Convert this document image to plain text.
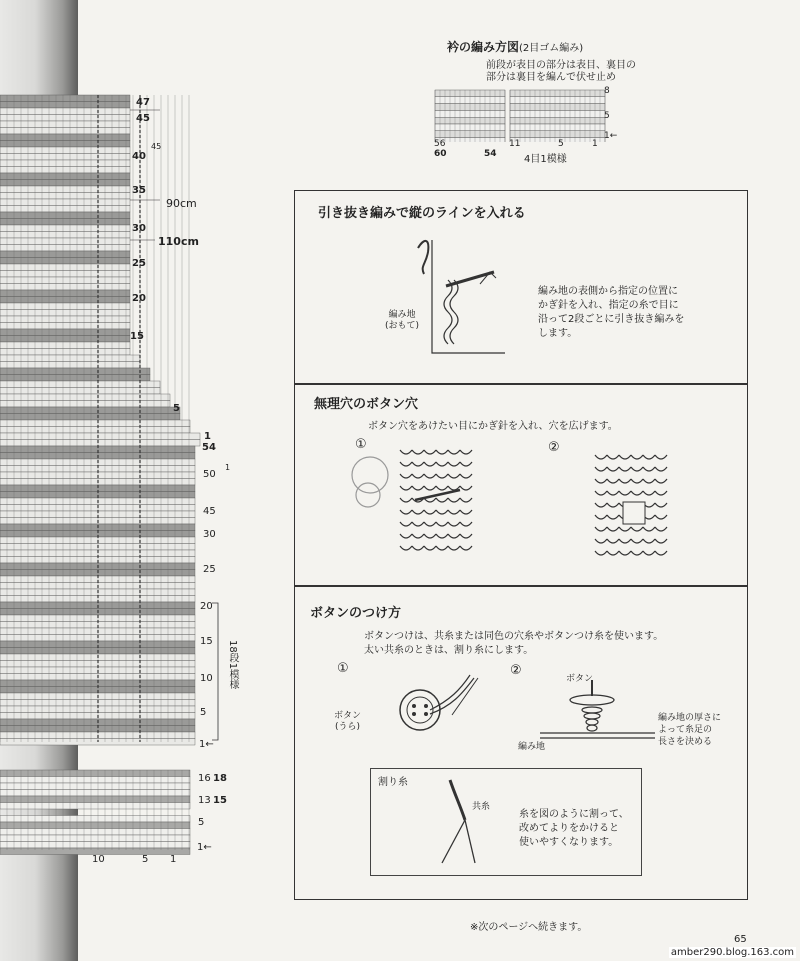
47
45
40
45
35
30
25
20
15
5
1
54
50
1
45
30
25
20
15
10
5
1←
16 18
13 15
5
1←
90cm
110cm
18段1模様
10	5 1
衿の編み方図(2目ゴム編み)
前段が表目の部分は表目、裏目の
部分は裏目を編んで伏せ止め
8
5
1←
56
60	54
11	5	1
4目1模様
引き抜き編みで縦のラインを入れる
編み地
(おもて)
編み地の表側から指定の位置に
かぎ針を入れ、指定の糸で目に
沿って2段ごとに引き抜き編みを
します。
無理穴のボタン穴
ボタン穴をあけたい目にかぎ針を入れ、穴を広げます。
①	②
ボタンのつけ方
ボタンつけは、共糸または同色の穴糸やボタンつけ糸を使います。
太い共糸のときは、割り糸にします。
①	②
ボタン
(うら)
ボタン
編み地
編み地の厚さに
よって糸足の
長さを決める
割り糸
共糸
糸を図のように割って、
改めてよりをかけると
使いやすくなります。
※次のページへ続きます。
65
amber290.blog.163.com
